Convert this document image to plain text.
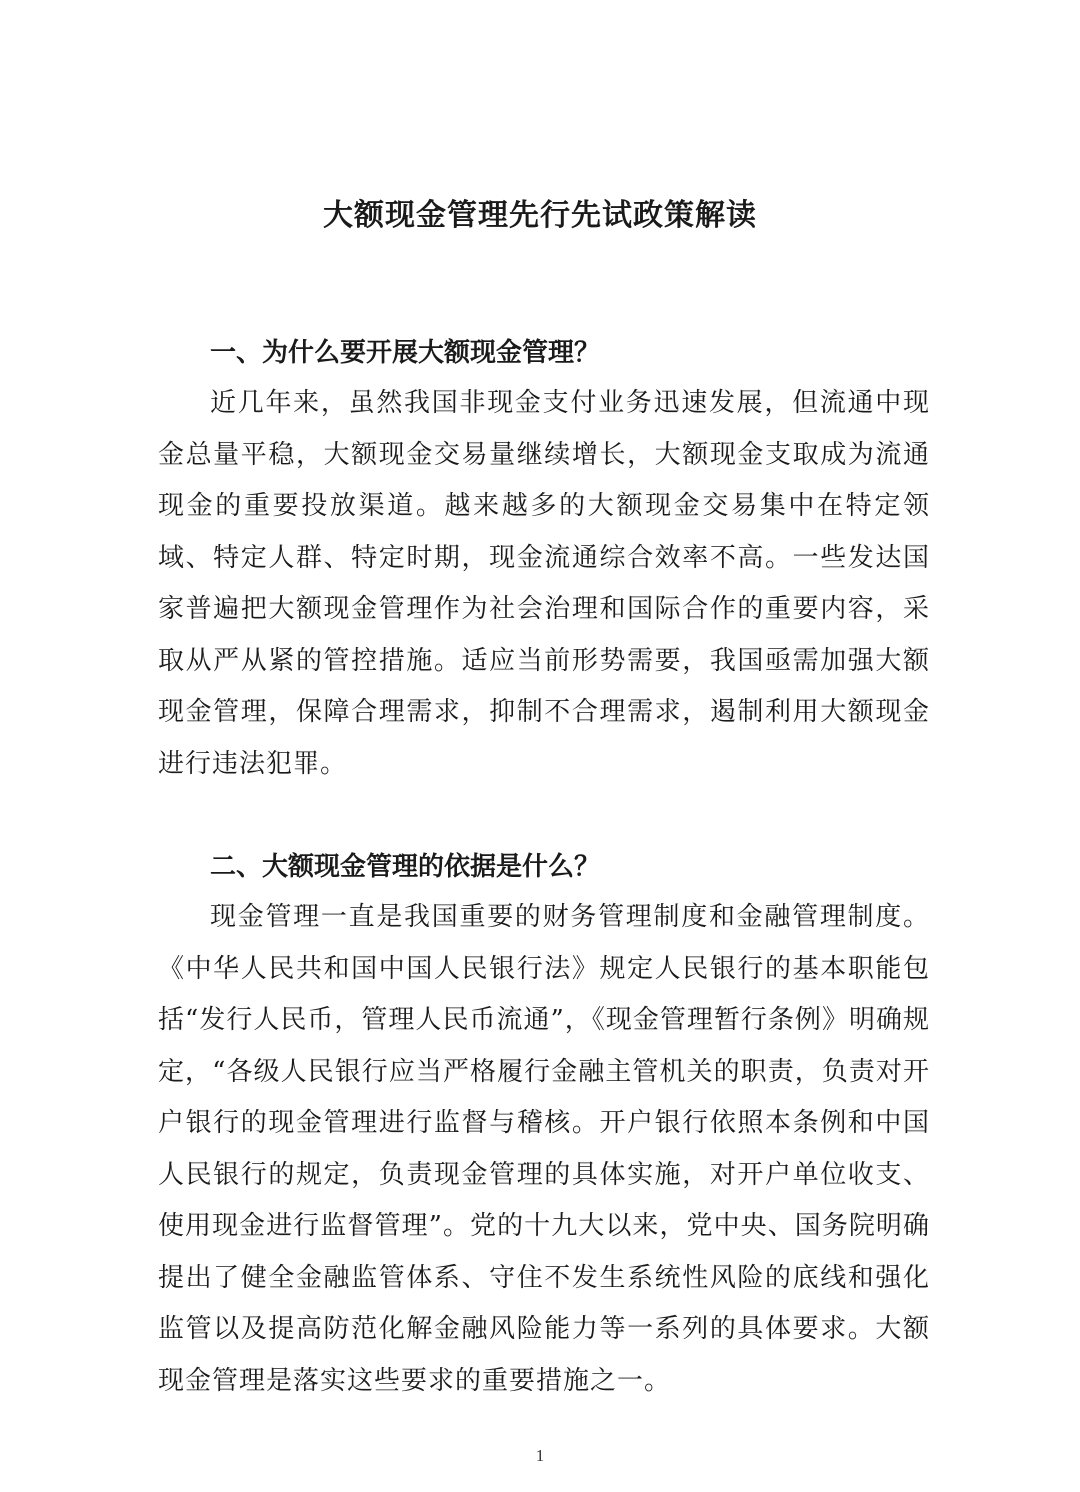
大额现金管理先行先试政策解读
一、为什么要开展大额现金管理？

近几年来，虽然我国非现金支付业务迅速发展，但流通中现金总量平稳，大额现金交易量继续增长，大额现金支取成为流通现金的重要投放渠道。越来越多的大额现金交易集中在特定领域、特定人群、特定时期，现金流通综合效率不高。一些发达国家普遍把大额现金管理作为社会治理和国际合作的重要内容，采取从严从紧的管控措施。适应当前形势需要，我国亟需加强大额现金管理，保障合理需求，抑制不合理需求，遏制利用大额现金进行违法犯罪。

二、大额现金管理的依据是什么？

现金管理一直是我国重要的财务管理制度和金融管理制度。《中华人民共和国中国人民银行法》规定人民银行的基本职能包括“发行人民币，管理人民币流通”，《现金管理暂行条例》明确规定，“各级人民银行应当严格履行金融主管机关的职责，负责对开户银行的现金管理进行监督与稽核。开户银行依照本条例和中国人民银行的规定，负责现金管理的具体实施，对开户单位收支、使用现金进行监督管理”。党的十九大以来，党中央、国务院明确提出了健全金融监管体系、守住不发生系统性风险的底线和强化监管以及提高防范化解金融风险能力等一系列的具体要求。大额现金管理是落实这些要求的重要措施之一。

1
